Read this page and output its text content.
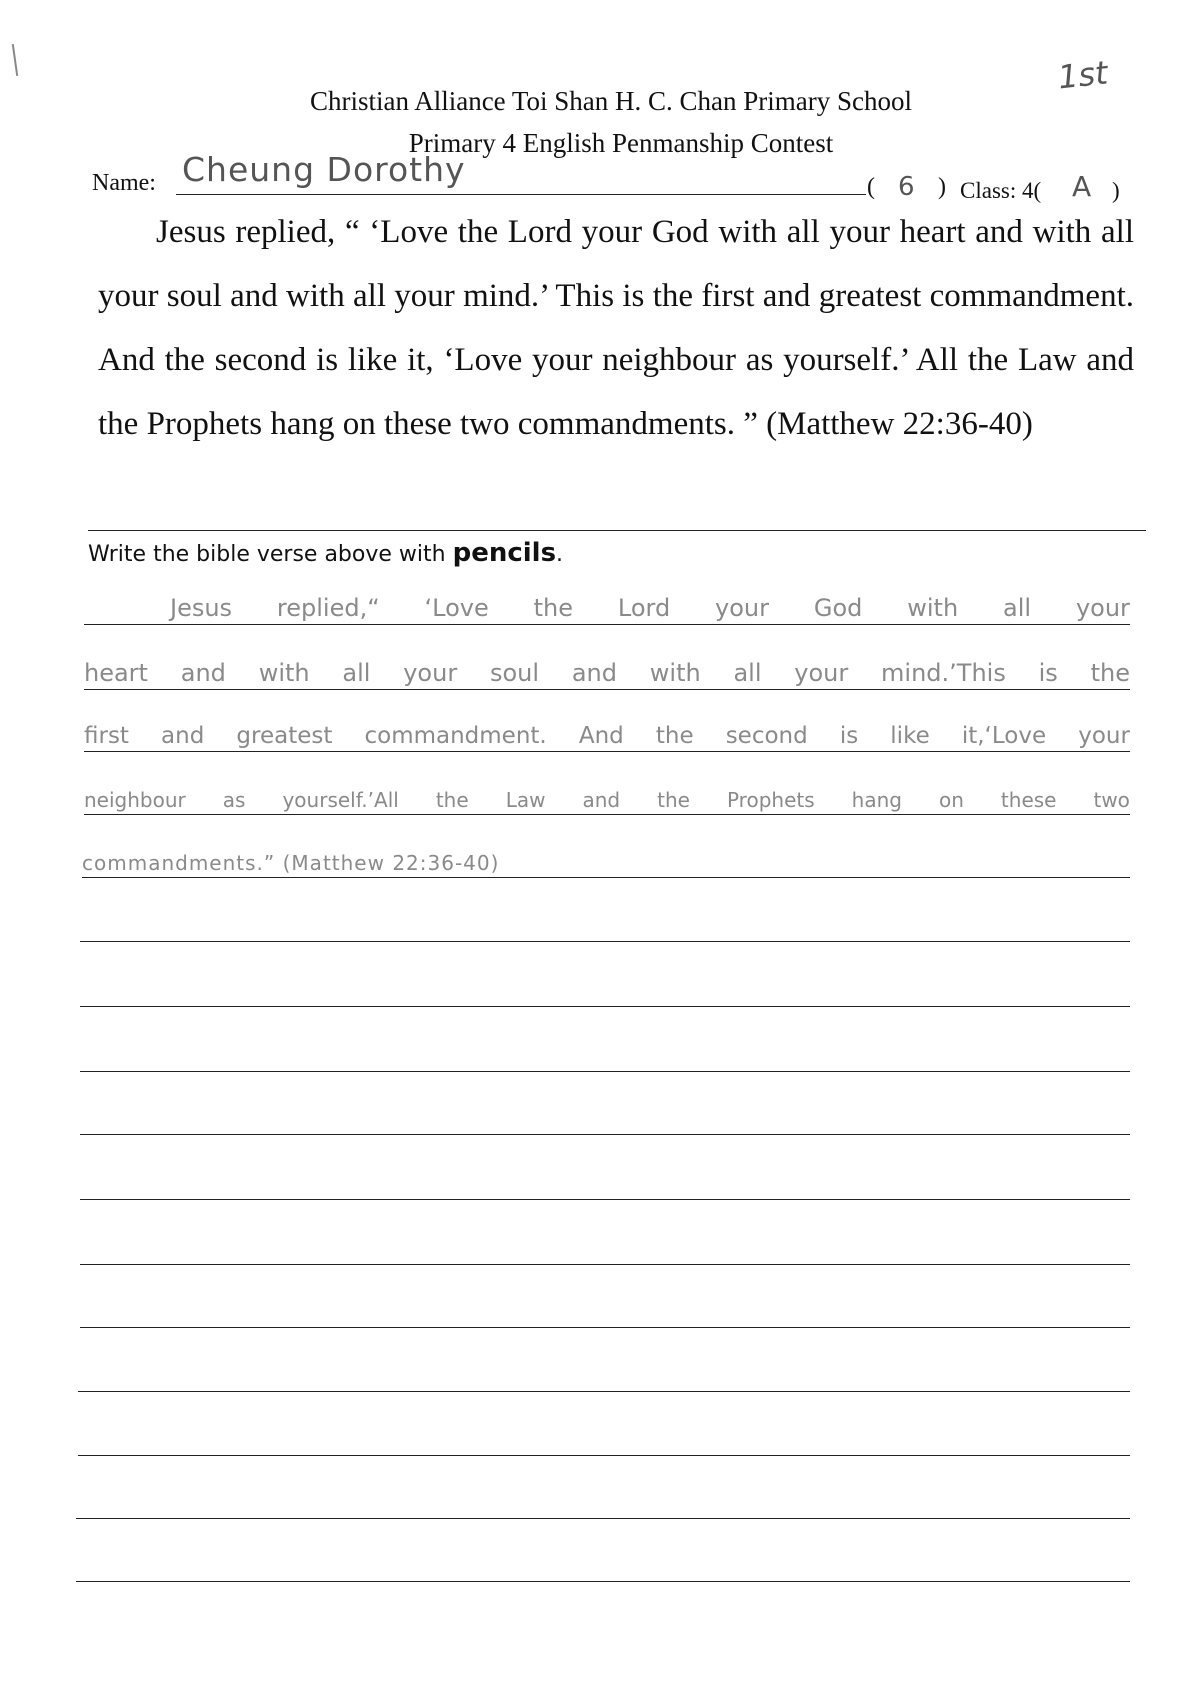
1st
Christian Alliance Toi Shan H. C. Chan Primary School
Primary 4 English Penmanship Contest
Name: Cheung Dorothy	( 6 ) Class: 4( A )
Jesus replied, “ ‘Love the Lord your God with all your heart and with all your soul and with all your mind.’ This is the first and greatest commandment. And the second is like it, ‘Love your neighbour as yourself.’ All the Law and the Prophets hang on these two commandments. ” (Matthew 22:36-40)
Write the bible verse above with pencils.
Jesus replied,“ ‘Love the Lord your God with all your
heart and with all your soul and with all your mind.’This is the
first and greatest commandment. And the second is like it,‘Love your
neighbour as yourself.’All the Law and the Prophets hang on these two
commandments.” (Matthew 22:36-40)
